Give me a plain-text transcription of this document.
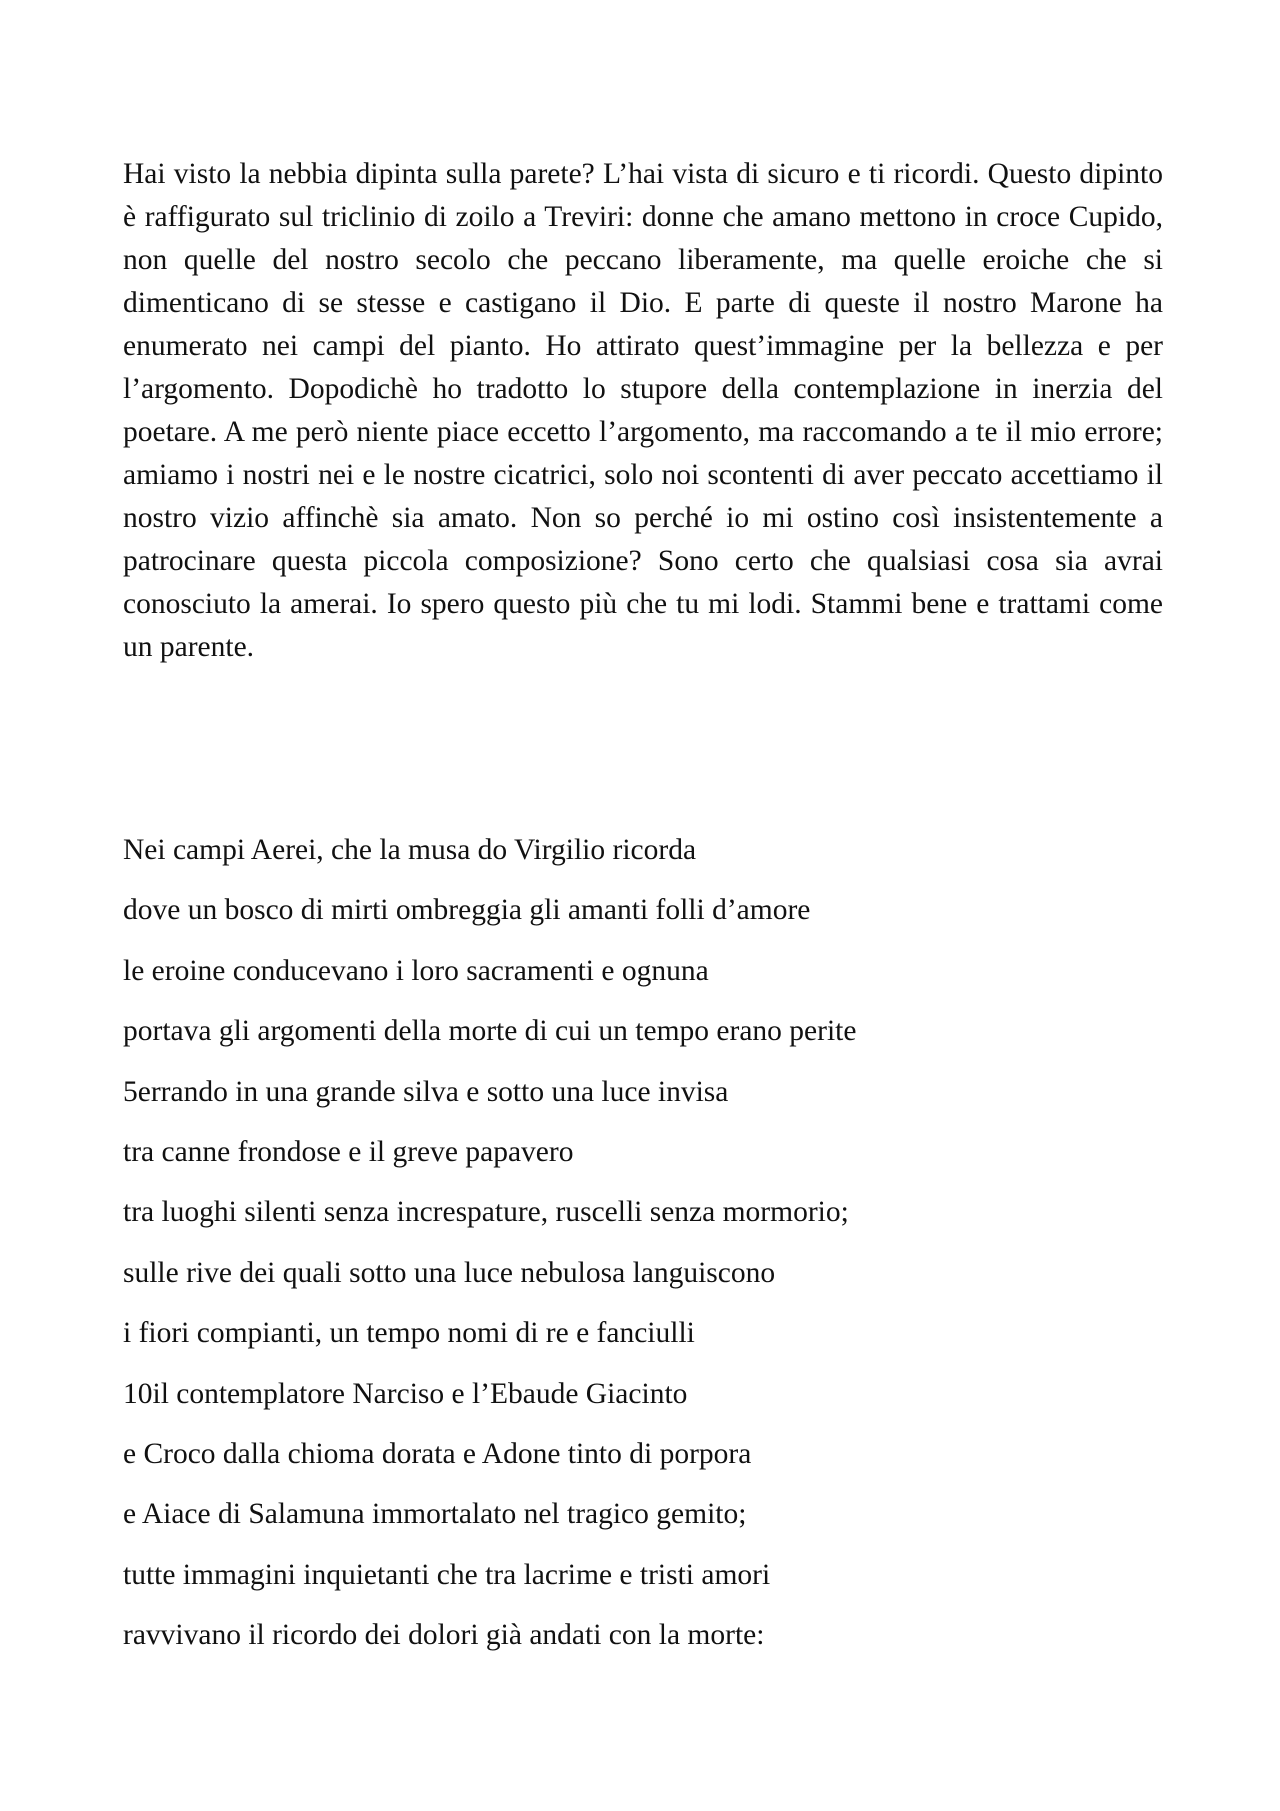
Hai visto la nebbia dipinta sulla parete? L’hai vista di sicuro e ti ricordi. Questo dipinto è raffigurato sul triclinio di zoilo a Treviri: donne che amano mettono in croce Cupido, non quelle del nostro secolo che peccano liberamente, ma quelle eroiche che si dimenticano di se stesse e castigano il Dio. E parte di queste il nostro Marone ha enumerato nei campi del pianto. Ho attirato quest’immagine per la bellezza e per l’argomento. Dopodichè ho tradotto lo stupore della contemplazione in inerzia del poetare. A me però niente piace eccetto l’argomento, ma raccomando a te il mio errore; amiamo i nostri nei e le nostre cicatrici, solo noi scontenti di aver peccato accettiamo il nostro vizio affinchè sia amato. Non so perché io mi ostino così insistentemente a patrocinare questa piccola composizione? Sono certo che qualsiasi cosa sia avrai conosciuto la amerai. Io spero questo più che tu mi lodi. Stammi bene e trattami come un parente.

Nei campi Aerei, che la musa do Virgilio ricorda
dove un bosco di mirti ombreggia gli amanti folli d’amore
le eroine conducevano i loro sacramenti e ognuna
portava gli argomenti della morte di cui un tempo erano perite
5errando in una grande silva e sotto una luce invisa
tra canne frondose e il greve papavero
tra luoghi silenti senza increspature, ruscelli senza mormorio;
sulle rive dei quali sotto una luce nebulosa languiscono
i fiori compianti, un tempo nomi di re e fanciulli
10il contemplatore Narciso e l’Ebaude Giacinto
e Croco dalla chioma dorata e Adone tinto di porpora
e Aiace di Salamuna immortalato nel tragico gemito;
tutte immagini inquietanti che tra lacrime e tristi amori
ravvivano il ricordo dei dolori già andati con la morte:
